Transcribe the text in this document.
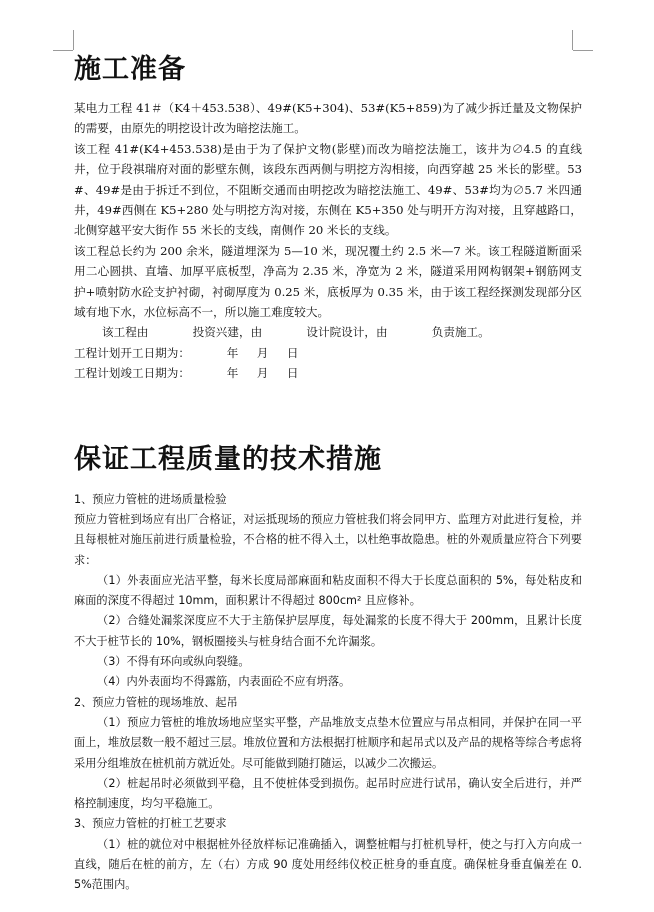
施工准备

某电力工程 41＃（K4＋453.538）、49#(K5+304)、53#(K5+859)为了减少拆迁量及文物保护的需要，由原先的明挖设计改为暗挖法施工。

该工程 41#(K4+453.538)是由于为了保护文物(影壁)而改为暗挖法施工，该井为∅4.5 的直线井，位于段祺瑞府对面的影壁东侧，该段东西两侧与明挖方沟相接，向西穿越 25 米长的影壁。53#、49#是由于拆迁不到位，不阻断交通而由明挖改为暗挖法施工、49#、53#均为∅5.7 米四通井，49#西侧在 K5+280 处与明挖方沟对接，东侧在 K5+350 处与明开方沟对接，且穿越路口，北侧穿越平安大街作 55 米长的支线，南侧作 20 米长的支线。

该工程总长约为 200 余米，隧道埋深为 5—10 米，现况覆土约 2.5 米—7 米。该工程隧道断面采用二心圆拱、直墙、加厚平底板型，净高为 2.35 米，净宽为 2 米，隧道采用网构钢架+钢筋网支护+喷射防水砼支护衬砌，衬砌厚度为 0.25 米，底板厚为 0.35 米，由于该工程经探测发现部分区域有地下水，水位标高不一，所以施工难度较大。

该工程由            投资兴建，由            设计院设计，由            负责施工。

工程计划开工日期为：          年     月     日

工程计划竣工日期为：          年     月     日

保证工程质量的技术措施

1、预应力管桩的进场质量检验

预应力管桩到场应有出厂合格证，对运抵现场的预应力管桩我们将会同甲方、监理方对此进行复检，并且每根桩对施压前进行质量检验，不合格的桩不得入土，以杜绝事故隐患。桩的外观质量应符合下列要求：

（1）外表面应光洁平整，每米长度局部麻面和粘皮面积不得大于长度总面积的 5%，每处粘皮和麻面的深度不得超过 10mm，面积累计不得超过 800cm² 且应修补。

（2）合缝处漏浆深度应不大于主筋保护层厚度，每处漏浆的长度不得大于 200mm，且累计长度不大于桩节长的 10%，钢板圈接头与桩身结合面不允许漏浆。

（3）不得有环向或纵向裂缝。

（4）内外表面均不得露筋，内表面砼不应有坍落。

2、预应力管桩的现场堆放、起吊

（1）预应力管桩的堆放场地应坚实平整，产品堆放支点垫木位置应与吊点相同，并保护在同一平面上，堆放层数一般不超过三层。堆放位置和方法根据打桩顺序和起吊式以及产品的规格等综合考虑将采用分组堆放在桩机前方就近处。尽可能做到随打随运，以减少二次搬运。

（2）桩起吊时必须做到平稳，且不使桩体受到损伤。起吊时应进行试吊，确认安全后进行，并严格控制速度，均匀平稳施工。

3、预应力管桩的打桩工艺要求

（1）桩的就位对中根据桩外径放样标记准确插入，调整桩帽与打桩机导杆，使之与打入方向成一直线，随后在桩的前方，左（右）方成 90 度处用经纬仪校正桩身的垂直度。确保桩身垂直偏差在 0.5%范围内。
